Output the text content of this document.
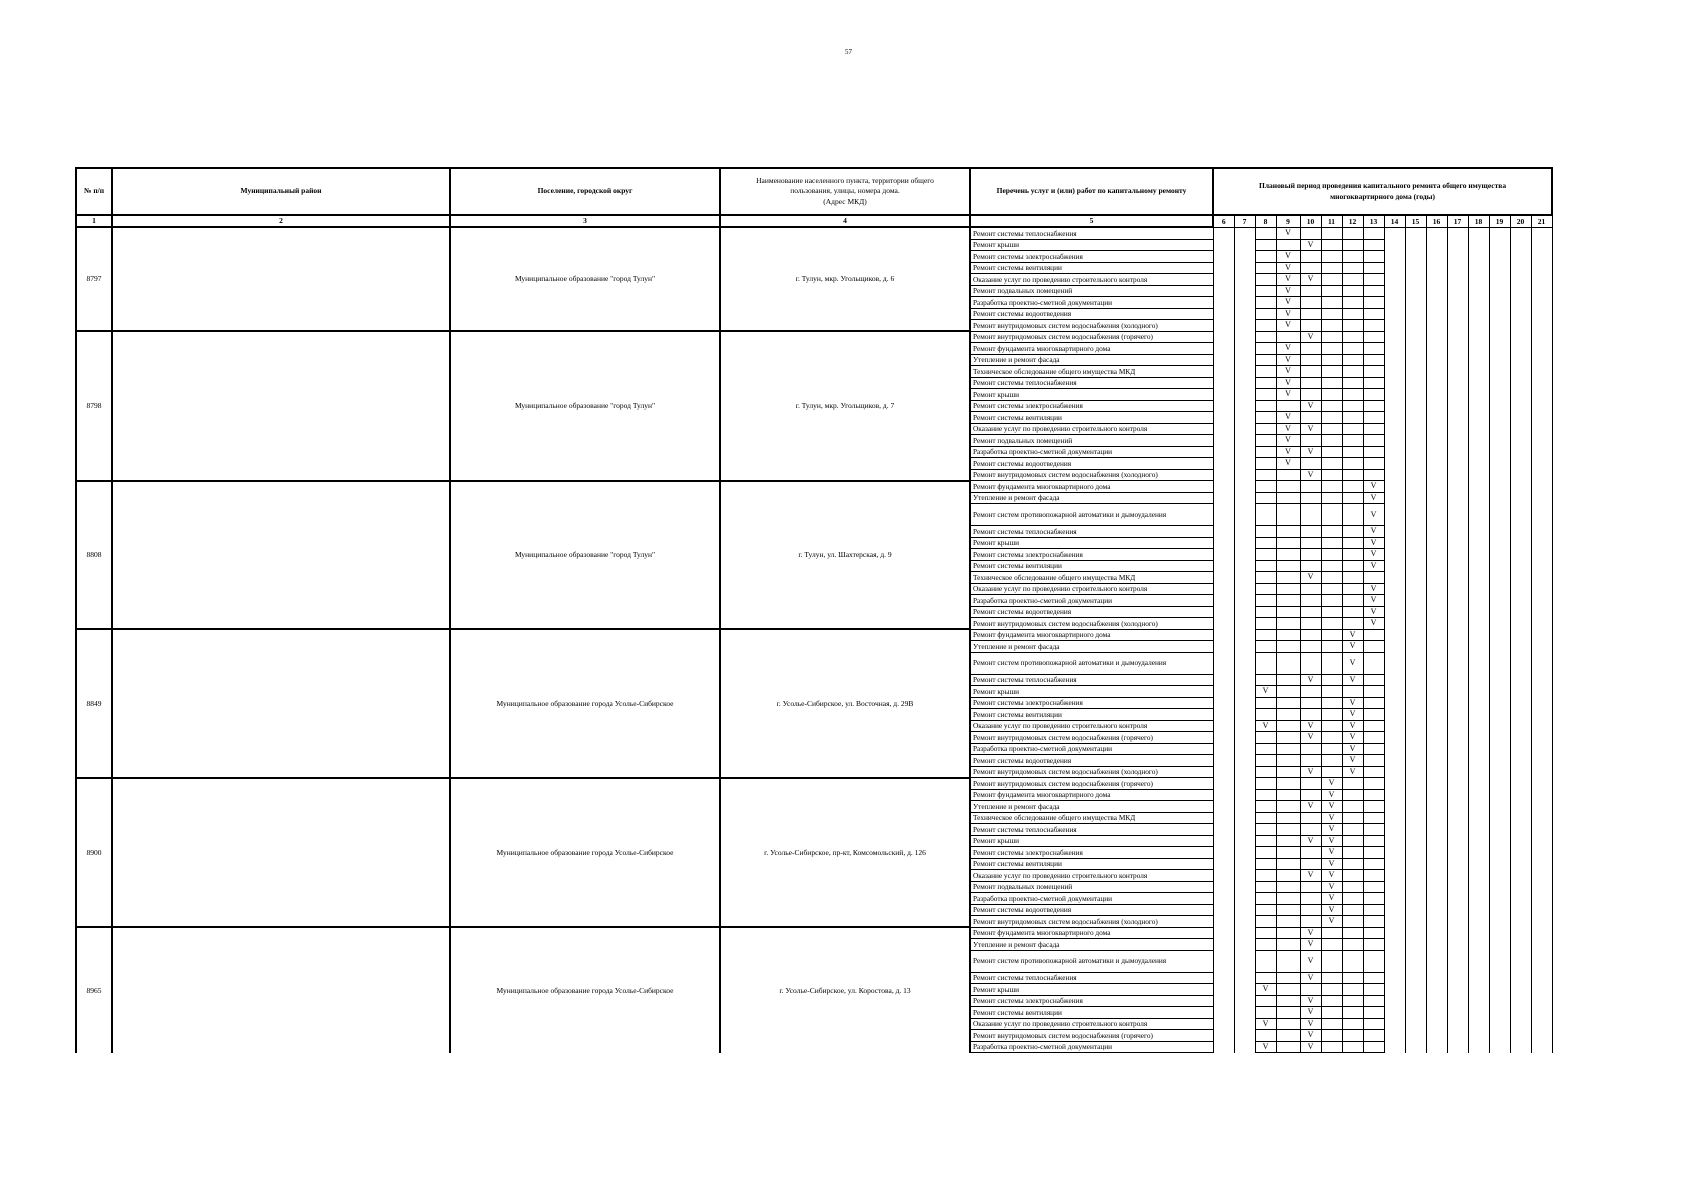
57
№ п/п	Муниципальный район	Поселение, городской округ	Наименование населенного пункта, территории общего
пользования, улицы, номера дома.
(Адрес МКД)	Перечень услуг и (или) работ по капитальному ремонту	Плановый период проведения капитального ремонта общего имущества
многоквартирного дома (годы)															
1	2	3	4	5	6	7	8	9	10	11	12	13	14	15	16	17	18	19	20	21
8797		Муниципальное образование "город Тулун"	г. Тулун, мкр. Угольщиков, д. 6	Ремонт системы теплоснабжения				V												
				Ремонт крыши					V											
				Ремонт системы электроснабжения				V												
				Ремонт системы вентиляции				V												
				Оказание услуг по проведению строительного контроля				V	V											
				Ремонт подвальных помещений				V												
				Разработка проектно-сметной документации				V												
				Ремонт системы водоотведения				V												
				Ремонт внутридомовых систем водоснабжения (холодного)				V												
8798		Муниципальное образование "город Тулун"	г. Тулун, мкр. Угольщиков, д. 7	Ремонт внутридомовых систем водоснабжения (горячего)					V											
				Ремонт фундамента многоквартирного дома				V												
				Утепление и ремонт фасада				V												
				Техническое обследование общего имущества МКД				V												
				Ремонт системы теплоснабжения				V												
				Ремонт крыши				V												
				Ремонт системы электроснабжения					V											
				Ремонт системы вентиляции				V												
				Оказание услуг по проведению строительного контроля				V	V											
				Ремонт подвальных помещений				V												
				Разработка проектно-сметной документации				V	V											
				Ремонт системы водоотведения				V												
				Ремонт внутридомовых систем водоснабжения (холодного)					V											
8808		Муниципальное образование "город Тулун"	г. Тулун, ул. Шахтерская, д. 9	Ремонт фундамента многоквартирного дома								V								
				Утепление и ремонт фасада								V								
				Ремонт систем противопожарной автоматики и дымоудаления								V								
				Ремонт системы теплоснабжения								V								
				Ремонт крыши								V								
				Ремонт системы электроснабжения								V								
				Ремонт системы вентиляции								V								
				Техническое обследование общего имущества МКД					V											
				Оказание услуг по проведению строительного контроля								V								
				Разработка проектно-сметной документации								V								
				Ремонт системы водоотведения								V								
				Ремонт внутридомовых систем водоснабжения (холодного)								V								
8849		Муниципальное образование города Усолье-Сибирское	г. Усолье-Сибирское, ул. Восточная, д. 29В	Ремонт фундамента многоквартирного дома							V									
				Утепление и ремонт фасада							V									
				Ремонт систем противопожарной автоматики и дымоудаления							V									
				Ремонт системы теплоснабжения					V		V									
				Ремонт крыши			V													
				Ремонт системы электроснабжения							V									
				Ремонт системы вентиляции							V									
				Оказание услуг по проведению строительного контроля			V		V		V									
				Ремонт внутридомовых систем водоснабжения (горячего)					V		V									
				Разработка проектно-сметной документации							V									
				Ремонт системы водоотведения							V									
				Ремонт внутридомовых систем водоснабжения (холодного)					V		V									
8900		Муниципальное образование города Усолье-Сибирское	г. Усолье-Сибирское, пр-кт, Комсомольский, д. 126	Ремонт внутридомовых систем водоснабжения (горячего)						V										
				Ремонт фундамента многоквартирного дома						V										
				Утепление и ремонт фасада					V	V										
				Техническое обследование общего имущества МКД						V										
				Ремонт системы теплоснабжения						V										
				Ремонт крыши					V	V										
				Ремонт системы электроснабжения						V										
				Ремонт системы вентиляции						V										
				Оказание услуг по проведению строительного контроля					V	V										
				Ремонт подвальных помещений						V										
				Разработка проектно-сметной документации						V										
				Ремонт системы водоотведения						V										
				Ремонт внутридомовых систем водоснабжения (холодного)						V										
8965		Муниципальное образование города Усолье-Сибирское	г. Усолье-Сибирское, ул. Коростова, д. 13	Ремонт фундамента многоквартирного дома					V											
				Утепление и ремонт фасада					V											
				Ремонт систем противопожарной автоматики и дымоудаления					V											
				Ремонт системы теплоснабжения					V											
				Ремонт крыши			V													
				Ремонт системы электроснабжения					V											
				Ремонт системы вентиляции					V											
				Оказание услуг по проведению строительного контроля			V		V											
				Ремонт внутридомовых систем водоснабжения (горячего)					V											
				Разработка проектно-сметной документации			V		V											
